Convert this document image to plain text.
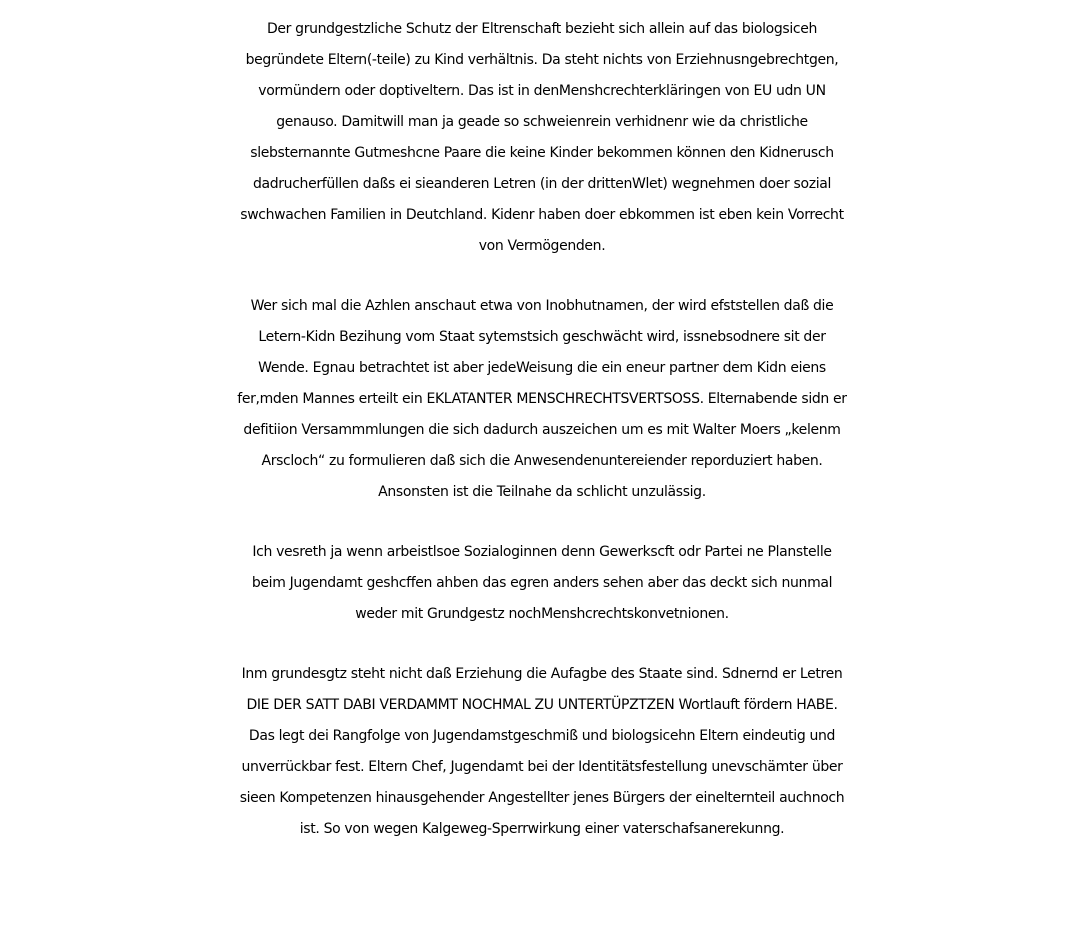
Der grundgestzliche Schutz der Eltrenschaft bezieht sich allein auf das biologsiceh
begründete Eltern(-teile) zu Kind verhältnis. Da steht nichts von Erziehnusngebrechtgen,
vormündern oder doptiveltern. Das ist in denMenshcrechterkläringen von EU udn UN
genauso. Damitwill man ja geade so schweienrein verhidnenr wie da christliche
slebsternannte Gutmeshcne Paare die keine Kinder bekommen können den Kidnerusch
dadrucherfüllen daßs ei sieanderen Letren (in der drittenWlet) wegnehmen doer sozial
swchwachen Familien in Deutchland. Kidenr haben doer ebkommen ist eben kein Vorrecht
von Vermögenden.
Wer sich mal die Azhlen anschaut etwa von Inobhutnamen, der wird efststellen daß die
Letern-Kidn Bezihung vom Staat sytemstsich geschwächt wird, issnebsodnere sit der
Wende. Egnau betrachtet ist aber jedeWeisung die ein eneur partner dem Kidn eiens
fer,mden Mannes erteilt ein EKLATANTER MENSCHRECHTSVERTSOSS. Elternabende sidn er
defitiion Versammmlungen die sich dadurch auszeichen um es mit Walter Moers „kelenm
Arscloch“ zu formulieren daß sich die Anwesendenuntereiender reporduziert haben.
Ansonsten ist die Teilnahe da schlicht unzulässig.
Ich vesreth ja wenn arbeistlsoe Sozialoginnen denn Gewerkscft odr Partei ne Planstelle
beim Jugendamt geshcffen ahben das egren anders sehen aber das deckt sich nunmal
weder mit Grundgestz nochMenshcrechtskonvetnionen.
Inm grundesgtz steht nicht daß Erziehung die Aufagbe des Staate sind. Sdnernd er Letren
DIE DER SATT DABI VERDAMMT NOCHMAL ZU UNTERTÜPZTZEN Wortlauft fördern HABE.
Das legt dei Rangfolge von Jugendamstgeschmiß und biologsicehn Eltern eindeutig und
unverrückbar fest. Eltern Chef, Jugendamt bei der Identitätsfestellung unevschämter über
sieen Kompetenzen hinausgehender Angestellter jenes Bürgers der einelternteil auchnoch
ist. So von wegen Kalgeweg-Sperrwirkung einer vaterschafsanerekunng.
